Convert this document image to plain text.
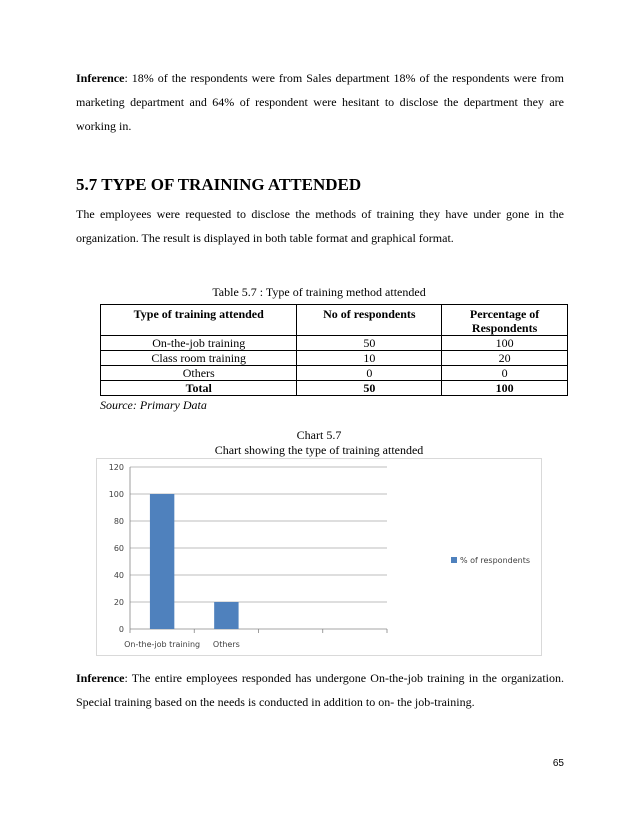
Inference: 18% of the respondents were from Sales department 18% of the respondents were from marketing department and 64% of respondent were hesitant to disclose the department they are working in.

5.7 TYPE OF TRAINING ATTENDED

The employees were requested to disclose the methods of training they have under gone in the organization. The result is displayed in both table format and graphical format.

Table 5.7 : Type of training method attended
Type of training attended	No of respondents	Percentage of Respondents
On-the-job training	50	100
Class room training	10	20
Others	0	0
Total	50	100
Source: Primary Data
Chart 5.7
Chart showing the type of training attended
0
20
40
60
80
100
120
On-the-job training Others
% of respondents

Inference: The entire employees responded has undergone On-the-job training in the organization. Special training based on the needs is conducted in addition to on- the job-training.

65
